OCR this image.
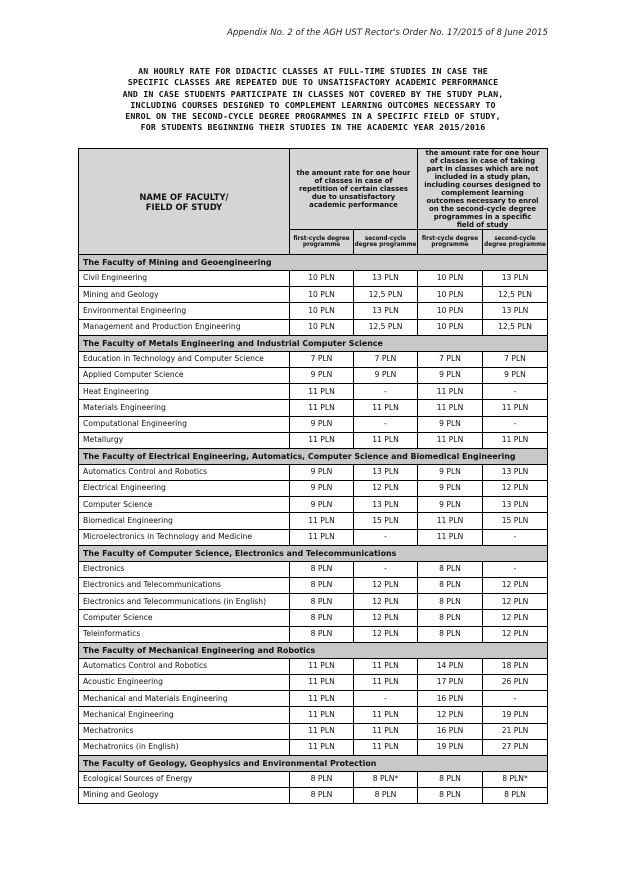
Appendix No. 2 of the AGH UST Rector's Order No. 17/2015 of 8 June 2015
AN HOURLY RATE FOR DIDACTIC CLASSES AT FULL-TIME STUDIES IN CASE THE
SPECIFIC CLASSES ARE REPEATED DUE TO UNSATISFACTORY ACADEMIC PERFORMANCE
AND IN CASE STUDENTS PARTICIPATE IN CLASSES NOT COVERED BY THE STUDY PLAN,
INCLUDING COURSES DESIGNED TO COMPLEMENT LEARNING OUTCOMES NECESSARY TO
ENROL ON THE SECOND-CYCLE DEGREE PROGRAMMES IN A SPECIFIC FIELD OF STUDY,
FOR STUDENTS BEGINNING THEIR STUDIES IN THE ACADEMIC YEAR 2015/2016
NAME OF FACULTY/
FIELD OF STUDY	the amount rate for one hour of classes in case of repetition of certain classes due to unsatisfactory academic performance		the amount rate for one hour of classes in case of taking part in classes which are not included in a study plan, including courses designed to complement learning outcomes necessary to enrol on the second-cycle degree programmes in a specific field of study	

	first-cycle degree programme	second-cycle degree programme	first-cycle degree programme	second-cycle degree programme
The Faculty of Mining and Geoengineering				
Civil Engineering	10 PLN	13 PLN	10 PLN	13 PLN
Mining and Geology	10 PLN	12,5 PLN	10 PLN	12,5 PLN
Environmental Engineering	10 PLN	13 PLN	10 PLN	13 PLN
Management and Production Engineering	10 PLN	12,5 PLN	10 PLN	12,5 PLN
The Faculty of Metals Engineering and Industrial Computer Science				
Education in Technology and Computer Science	7 PLN	7 PLN	7 PLN	7 PLN
Applied Computer Science	9 PLN	9 PLN	9 PLN	9 PLN
Heat Engineering	11 PLN	-	11 PLN	-
Materials Engineering	11 PLN	11 PLN	11 PLN	11 PLN
Computational Engineering	9 PLN	-	9 PLN	-
Metallurgy	11 PLN	11 PLN	11 PLN	11 PLN
The Faculty of Electrical Engineering, Automatics, Computer Science and Biomedical Engineering				
Automatics Control and Robotics	9 PLN	13 PLN	9 PLN	13 PLN
Electrical Engineering	9 PLN	12 PLN	9 PLN	12 PLN
Computer Science	9 PLN	13 PLN	9 PLN	13 PLN
Biomedical Engineering	11 PLN	15 PLN	11 PLN	15 PLN
Microelectronics in Technology and Medicine	11 PLN	-	11 PLN	-
The Faculty of Computer Science, Electronics and Telecommunications				
Electronics	8 PLN	-	8 PLN	-
Electronics and Telecommunications	8 PLN	12 PLN	8 PLN	12 PLN
Electronics and Telecommunications (in English)	8 PLN	12 PLN	8 PLN	12 PLN
Computer Science	8 PLN	12 PLN	8 PLN	12 PLN
Teleinformatics	8 PLN	12 PLN	8 PLN	12 PLN
The Faculty of Mechanical Engineering and Robotics				
Automatics Control and Robotics	11 PLN	11 PLN	14 PLN	18 PLN
Acoustic Engineering	11 PLN	11 PLN	17 PLN	26 PLN
Mechanical and Materials Engineering	11 PLN	-	16 PLN	-
Mechanical Engineering	11 PLN	11 PLN	12 PLN	19 PLN
Mechatronics	11 PLN	11 PLN	16 PLN	21 PLN
Mechatronics (in English)	11 PLN	11 PLN	19 PLN	27 PLN
The Faculty of Geology, Geophysics and Environmental Protection				
Ecological Sources of Energy	8 PLN	8 PLN*	8 PLN	8 PLN*
Mining and Geology	8 PLN	8 PLN	8 PLN	8 PLN
